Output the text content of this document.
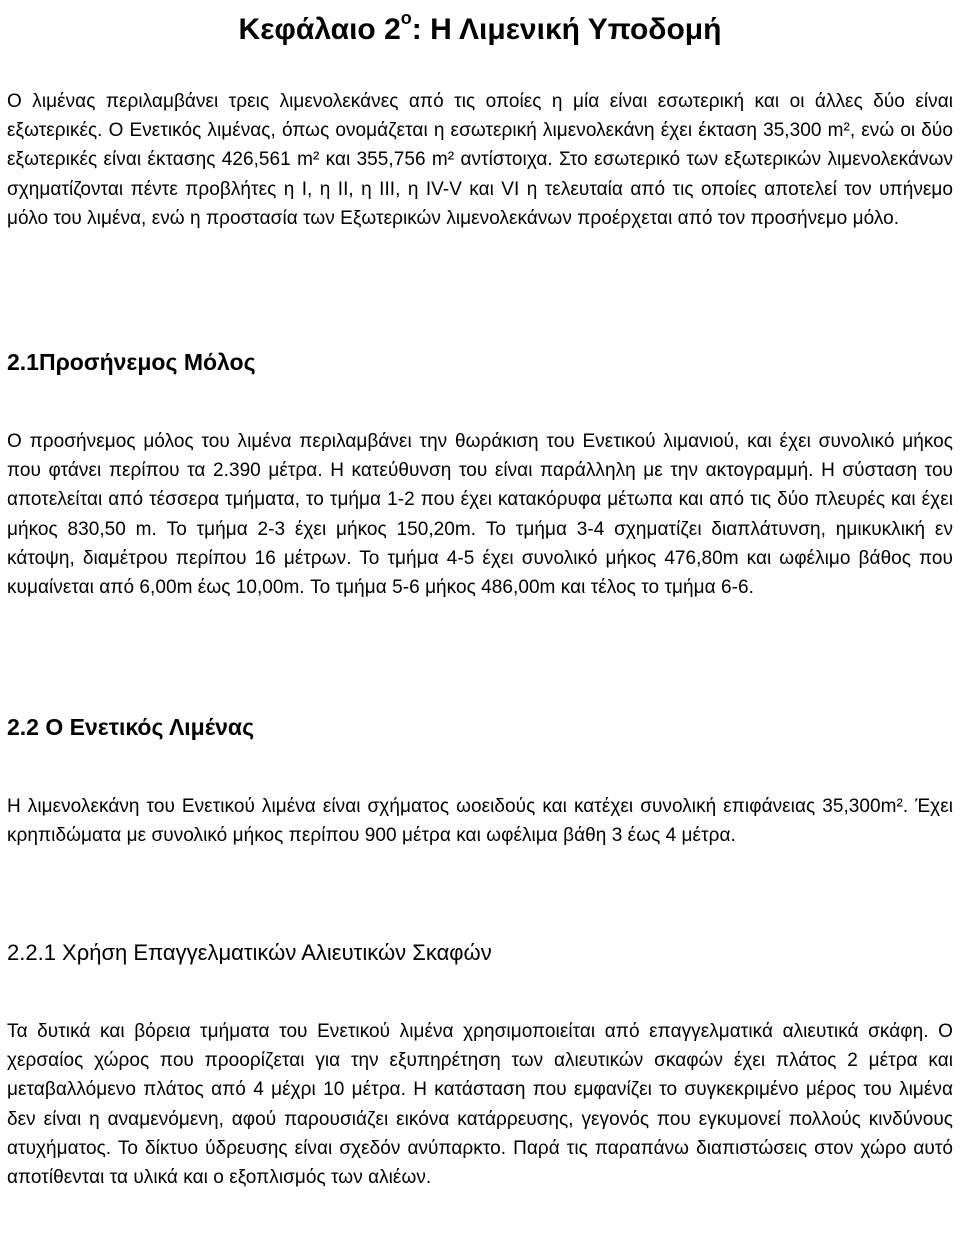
Κεφάλαιο $2^o$: Η Λιμενική Υποδομή

Ο λιμένας περιλαμβάνει τρεις λιμενολεκάνες από τις οποίες η μία είναι εσωτερική και οι άλλες δύο είναι εξωτερικές. Ο Ενετικός λιμένας, όπως ονομάζεται η εσωτερική λιμενολεκάνη έχει έκταση 35,300 m², ενώ οι δύο εξωτερικές είναι έκτασης 426,561 m² και 355,756 m² αντίστοιχα. Στο εσωτερικό των εξωτερικών λιμενολεκάνων σχηματίζονται πέντε προβλήτες η I, η II, η III, η IV-V και VI η τελευταία από τις οποίες αποτελεί τον υπήνεμο μόλο του λιμένα, ενώ η προστασία των Εξωτερικών λιμενολεκάνων προέρχεται από τον προσήνεμο μόλο.

2.1Προσήνεμος Μόλος

Ο προσήνεμος μόλος του λιμένα περιλαμβάνει την θωράκιση του Ενετικού λιμανιού, και έχει συνολικό μήκος που φτάνει περίπου τα 2.390 μέτρα. Η κατεύθυνση του είναι παράλληλη με την ακτογραμμή. Η σύσταση του αποτελείται από τέσσερα τμήματα, το τμήμα 1-2 που έχει κατακόρυφα μέτωπα και από τις δύο πλευρές και έχει μήκος 830,50 m. Το τμήμα 2-3 έχει μήκος 150,20m. Το τμήμα 3-4 σχηματίζει διαπλάτυνση, ημικυκλική εν κάτοψη, διαμέτρου περίπου 16 μέτρων. Το τμήμα 4-5 έχει συνολικό μήκος 476,80m και ωφέλιμο βάθος που κυμαίνεται από 6,00m έως 10,00m. Το τμήμα 5-6 μήκος 486,00m και τέλος το τμήμα 6-6.

2.2 Ο Ενετικός Λιμένας

Η λιμενολεκάνη του Ενετικού λιμένα είναι σχήματος ωοειδούς και κατέχει συνολική επιφάνειας 35,300m². Έχει κρηπιδώματα με συνολικό μήκος περίπου 900 μέτρα και ωφέλιμα βάθη 3 έως 4 μέτρα.

2.2.1 Χρήση Επαγγελματικών Αλιευτικών Σκαφών

Τα δυτικά και βόρεια τμήματα του Ενετικού λιμένα χρησιμοποιείται από επαγγελματικά αλιευτικά σκάφη. Ο χερσαίος χώρος που προορίζεται για την εξυπηρέτηση των αλιευτικών σκαφών έχει πλάτος 2 μέτρα και μεταβαλλόμενο πλάτος από 4 μέχρι 10 μέτρα. Η κατάσταση που εμφανίζει το συγκεκριμένο μέρος του λιμένα δεν είναι η αναμενόμενη, αφού παρουσιάζει εικόνα κατάρρευσης, γεγονός που εγκυμονεί πολλούς κινδύνους ατυχήματος. Το δίκτυο ύδρευσης είναι σχεδόν ανύπαρκτο. Παρά τις παραπάνω διαπιστώσεις στον χώρο αυτό αποτίθενται τα υλικά και ο εξοπλισμός των αλιέων.
